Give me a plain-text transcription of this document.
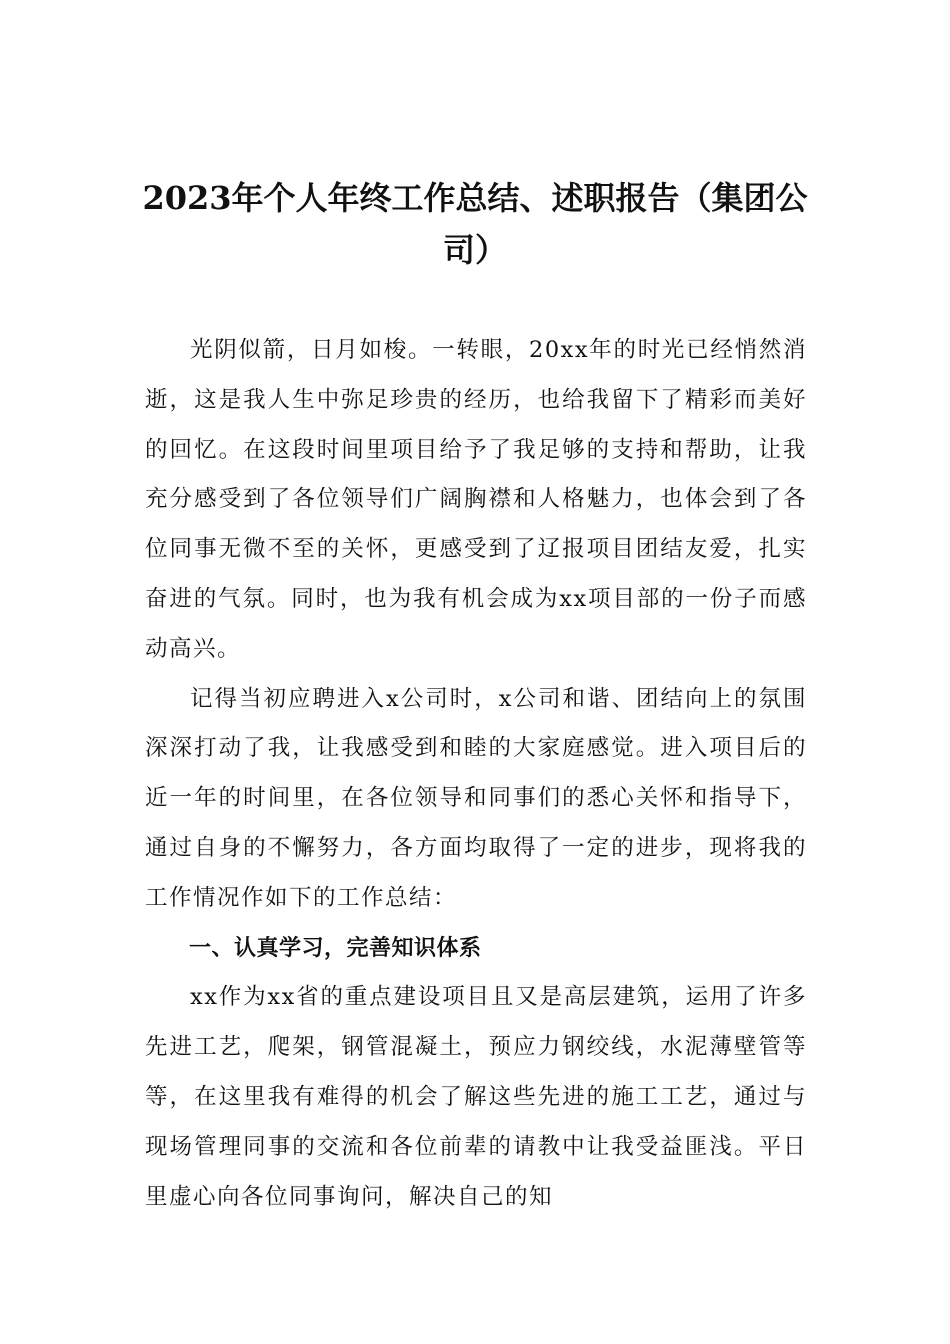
2023年个人年终工作总结、述职报告（集团公司）

光阴似箭，日月如梭。一转眼，20xx年的时光已经悄然消逝，这是我人生中弥足珍贵的经历，也给我留下了精彩而美好的回忆。在这段时间里项目给予了我足够的支持和帮助，让我充分感受到了各位领导们广阔胸襟和人格魅力，也体会到了各位同事无微不至的关怀，更感受到了辽报项目团结友爱，扎实奋进的气氛。同时，也为我有机会成为xx项目部的一份子而感动高兴。

记得当初应聘进入x公司时，x公司和谐、团结向上的氛围深深打动了我，让我感受到和睦的大家庭感觉。进入项目后的近一年的时间里，在各位领导和同事们的悉心关怀和指导下，通过自身的不懈努力，各方面均取得了一定的进步，现将我的工作情况作如下的工作总结：

一、认真学习，完善知识体系

xx作为xx省的重点建设项目且又是高层建筑，运用了许多先进工艺，爬架，钢管混凝土，预应力钢绞线，水泥薄壁管等等，在这里我有难得的机会了解这些先进的施工工艺，通过与现场管理同事的交流和各位前辈的请教中让我受益匪浅。平日里虚心向各位同事询问，解决自己的知
